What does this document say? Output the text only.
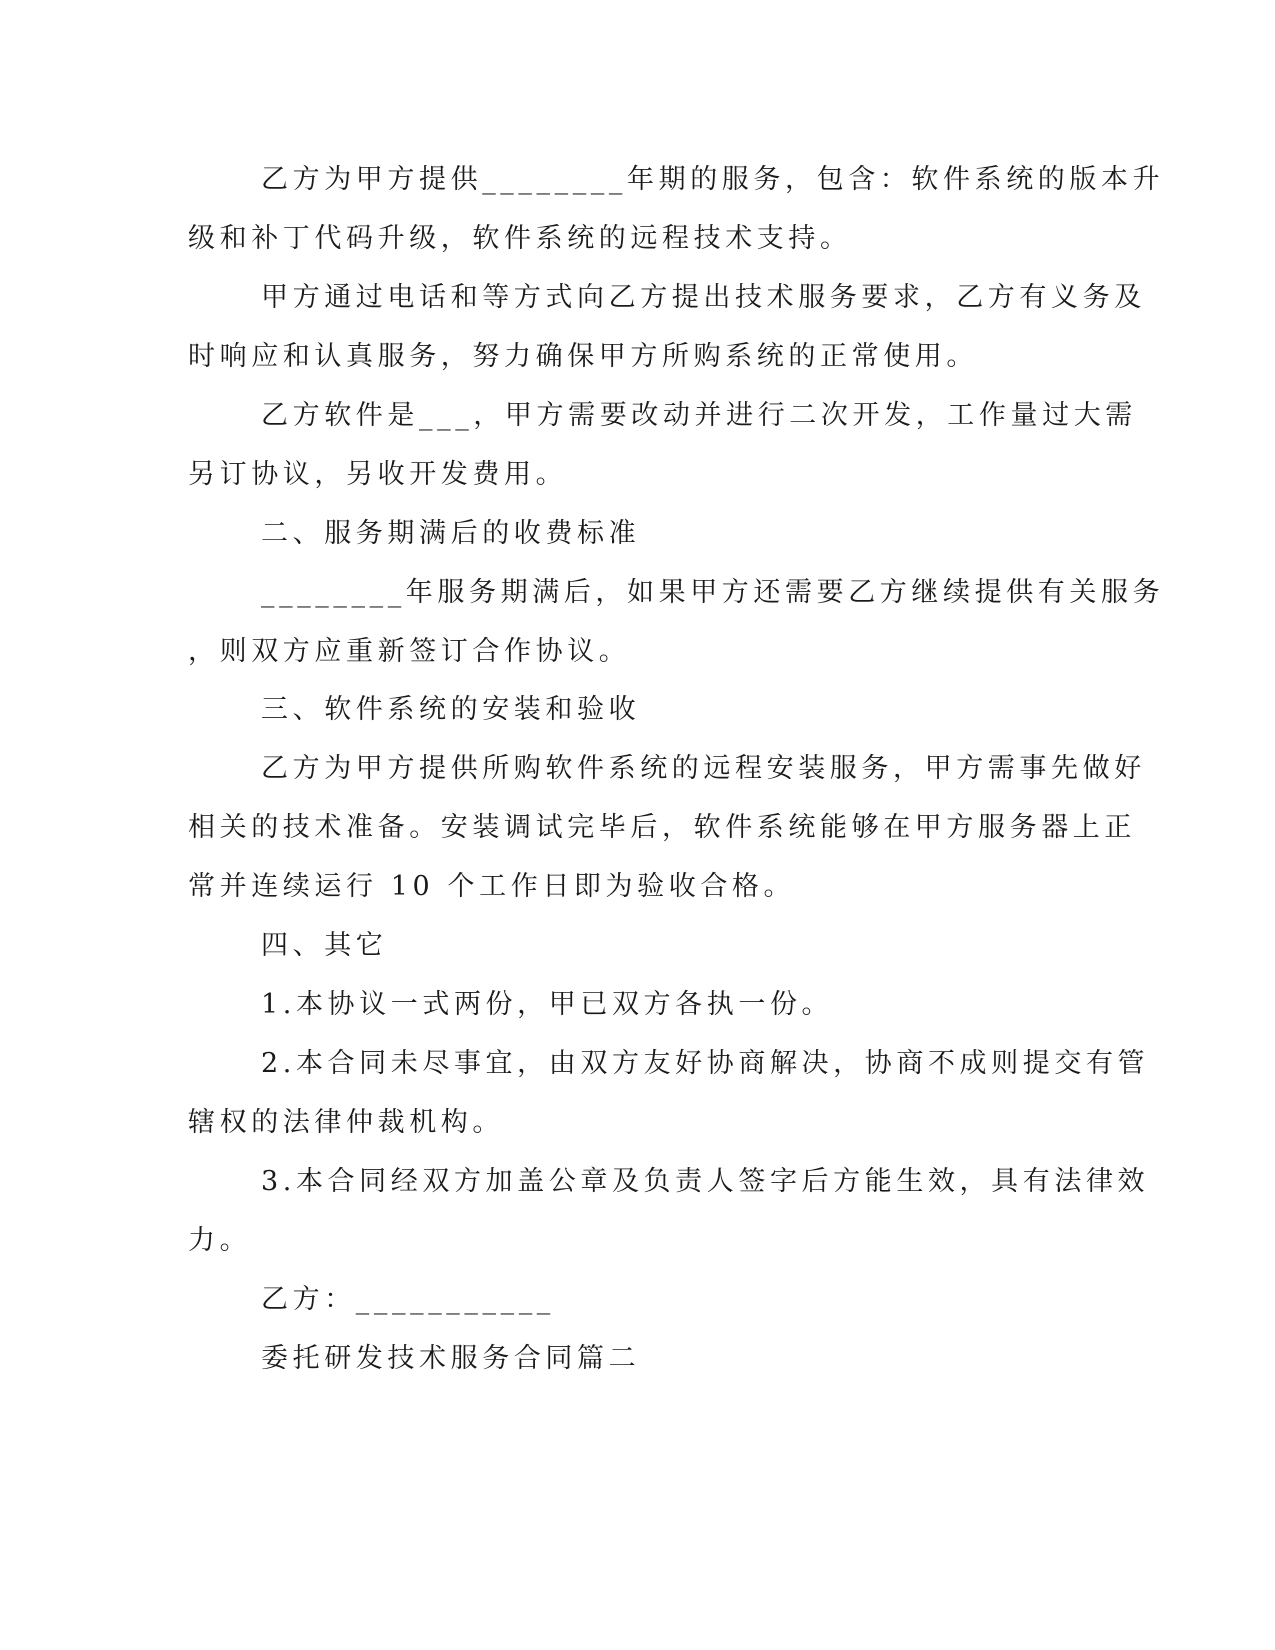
乙方为甲方提供________年期的服务，包含：软件系统的版本升

级和补丁代码升级，软件系统的远程技术支持。

甲方通过电话和等方式向乙方提出技术服务要求，乙方有义务及

时响应和认真服务，努力确保甲方所购系统的正常使用。

乙方软件是___，甲方需要改动并进行二次开发，工作量过大需

另订协议，另收开发费用。

二、服务期满后的收费标准

________年服务期满后，如果甲方还需要乙方继续提供有关服务

，则双方应重新签订合作协议。

三、软件系统的安装和验收

乙方为甲方提供所购软件系统的远程安装服务，甲方需事先做好

相关的技术准备。安装调试完毕后，软件系统能够在甲方服务器上正

常并连续运行 10 个工作日即为验收合格。

四、其它

1.本协议一式两份，甲已双方各执一份。

2.本合同未尽事宜，由双方友好协商解决，协商不成则提交有管

辖权的法律仲裁机构。

3.本合同经双方加盖公章及负责人签字后方能生效，具有法律效

力。

乙方：___________

委托研发技术服务合同篇二
